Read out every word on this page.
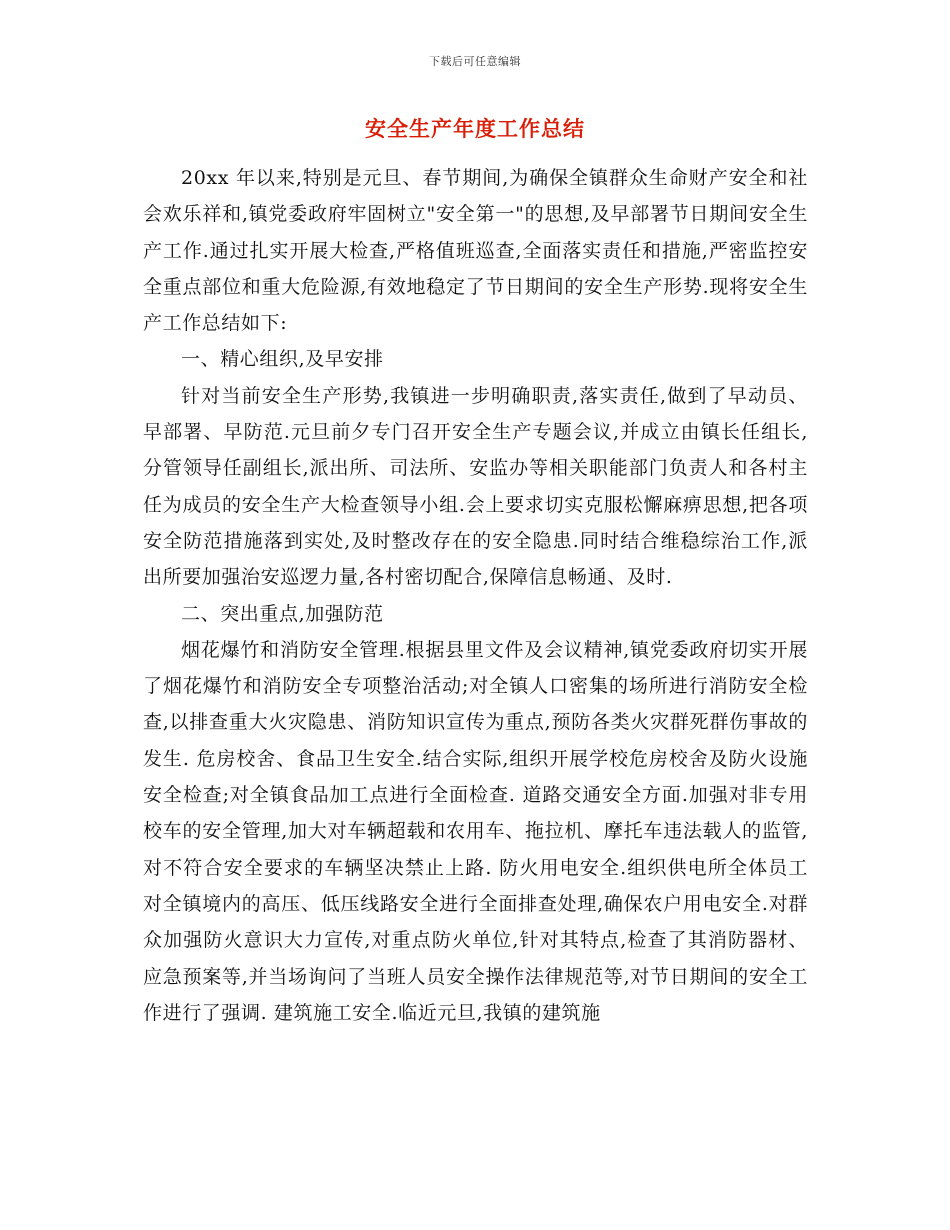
下载后可任意编辑
安全生产年度工作总结

20xx 年以来,特别是元旦、春节期间,为确保全镇群众生命财产安全和社会欢乐祥和,镇党委政府牢固树立"安全第一"的思想,及早部署节日期间安全生产工作.通过扎实开展大检查,严格值班巡查,全面落实责任和措施,严密监控安全重点部位和重大危险源,有效地稳定了节日期间的安全生产形势.现将安全生产工作总结如下:

一、精心组织,及早安排

针对当前安全生产形势,我镇进一步明确职责,落实责任,做到了早动员、早部署、早防范.元旦前夕专门召开安全生产专题会议,并成立由镇长任组长,分管领导任副组长,派出所、司法所、安监办等相关职能部门负责人和各村主任为成员的安全生产大检查领导小组.会上要求切实克服松懈麻痹思想,把各项安全防范措施落到实处,及时整改存在的安全隐患.同时结合维稳综治工作,派出所要加强治安巡逻力量,各村密切配合,保障信息畅通、及时.

二、突出重点,加强防范

烟花爆竹和消防安全管理.根据县里文件及会议精神,镇党委政府切实开展了烟花爆竹和消防安全专项整治活动;对全镇人口密集的场所进行消防安全检查,以排查重大火灾隐患、消防知识宣传为重点,预防各类火灾群死群伤事故的发生. 危房校舍、食品卫生安全.结合实际,组织开展学校危房校舍及防火设施安全检查;对全镇食品加工点进行全面检查. 道路交通安全方面.加强对非专用校车的安全管理,加大对车辆超载和农用车、拖拉机、摩托车违法载人的监管,对不符合安全要求的车辆坚决禁止上路. 防火用电安全.组织供电所全体员工对全镇境内的高压、低压线路安全进行全面排查处理,确保农户用电安全.对群众加强防火意识大力宣传,对重点防火单位,针对其特点,检查了其消防器材、应急预案等,并当场询问了当班人员安全操作法律规范等,对节日期间的安全工作进行了强调. 建筑施工安全.临近元旦,我镇的建筑施
